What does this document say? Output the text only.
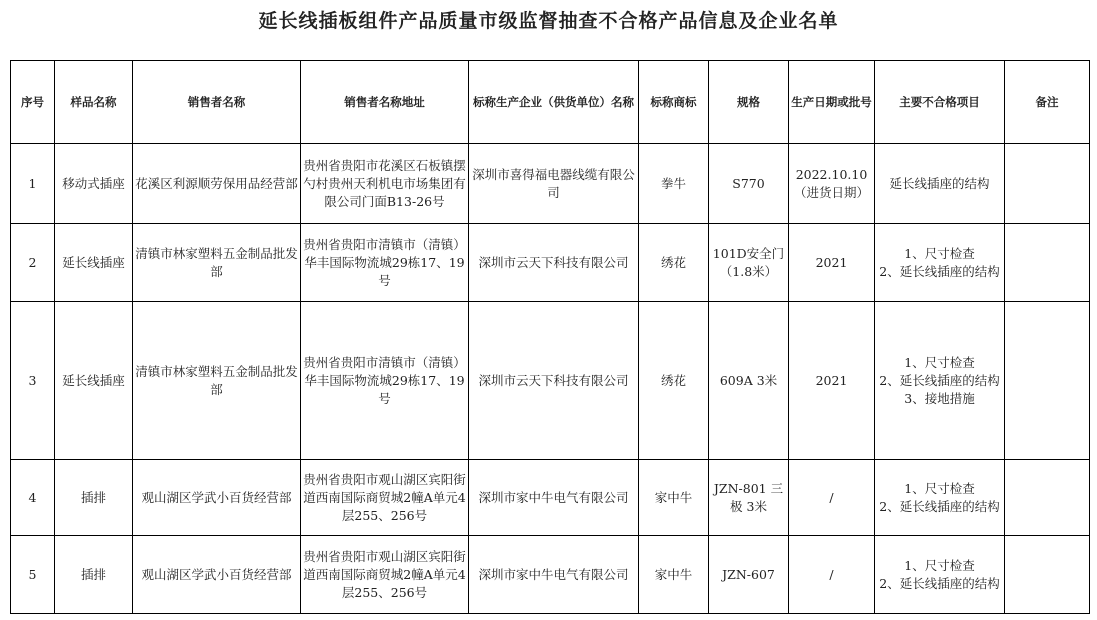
延长线插板组件产品质量市级监督抽查不合格产品信息及企业名单
序号	样品名称	销售者名称	销售者名称地址	标称生产企业（供货单位）名称	标称商标	规格	生产日期或批号	主要不合格项目	备注
1	移动式插座	花溪区利源顺劳保用品经营部	贵州省贵阳市花溪区石板镇摆勺村贵州天利机电市场集团有限公司门面B13-26号	深圳市喜得福电器线缆有限公司	拳牛	S770	2022.10.10（进货日期）	延长线插座的结构	

2	延长线插座	清镇市林家塑料五金制品批发部	贵州省贵阳市清镇市（清镇）华丰国际物流城29栋17、19号	深圳市云天下科技有限公司	绣花	101D安全门（1.8米）	2021	1、尺寸检查
2、延长线插座的结构	

3	延长线插座	清镇市林家塑料五金制品批发部	贵州省贵阳市清镇市（清镇）华丰国际物流城29栋17、19号	深圳市云天下科技有限公司	绣花	609A 3米	2021	1、尺寸检查
2、延长线插座的结构
3、接地措施	

4	插排	观山湖区学武小百货经营部	贵州省贵阳市观山湖区宾阳街道西南国际商贸城2幢A单元4层255、256号	深圳市家中牛电气有限公司	家中牛	JZN-801 三极 3米	/	1、尺寸检查
2、延长线插座的结构	

5	插排	观山湖区学武小百货经营部	贵州省贵阳市观山湖区宾阳街道西南国际商贸城2幢A单元4层255、256号	深圳市家中牛电气有限公司	家中牛	JZN-607	/	1、尺寸检查
2、延长线插座的结构	
